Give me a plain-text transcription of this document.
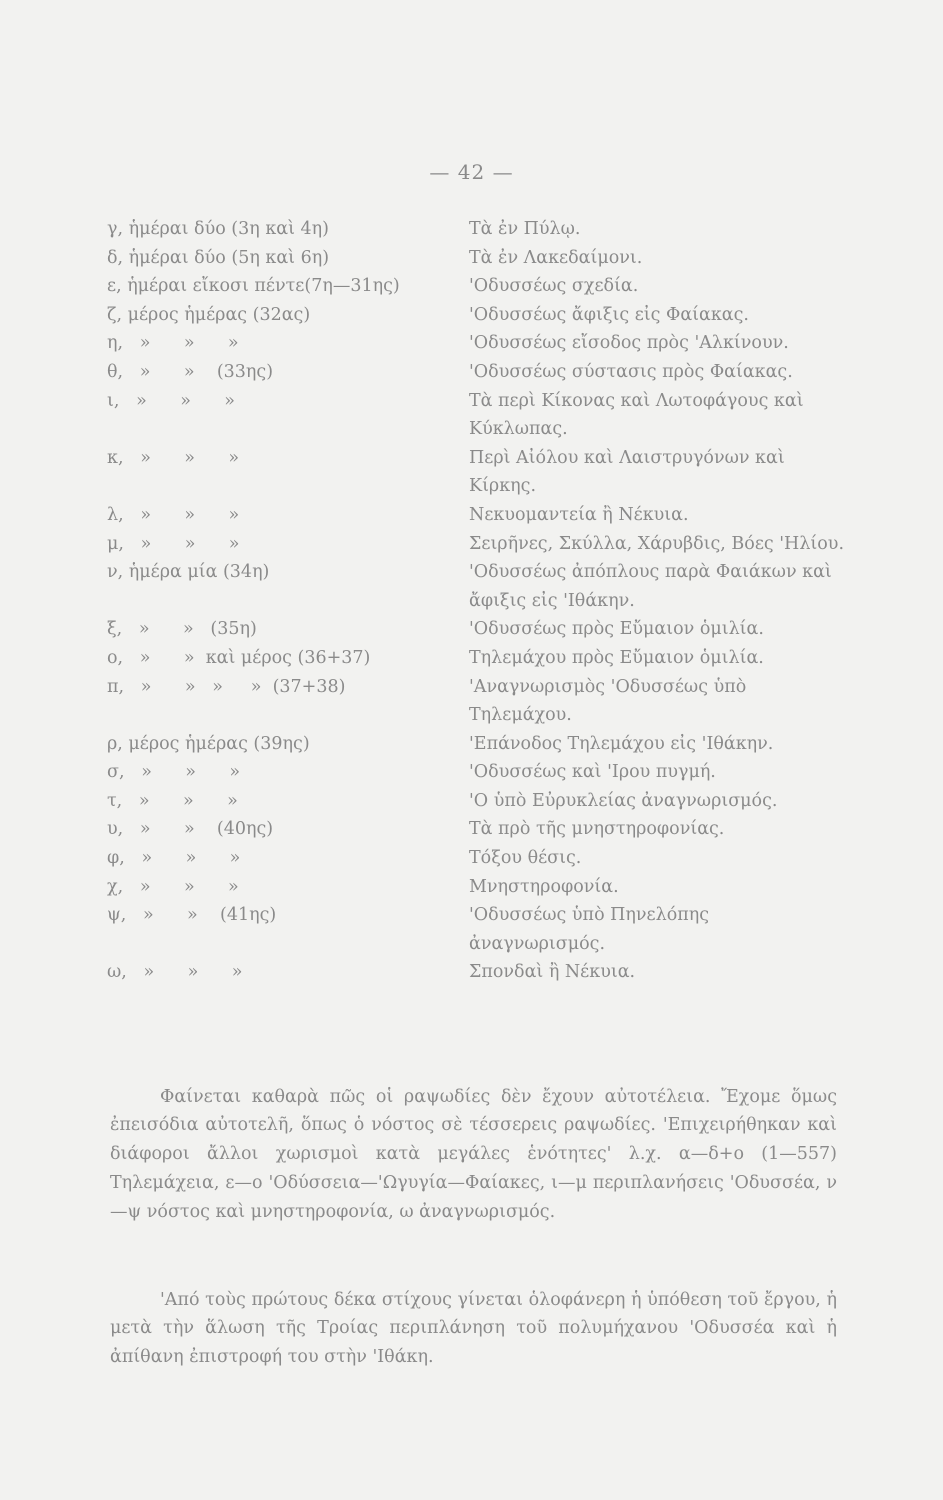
— 42 —
γ, ἡμέραι δύο (3η καὶ 4η)	Τὰ ἐν Πύλῳ.
δ, ἡμέραι δύο (5η καὶ 6η)	Τὰ ἐν Λακεδαίμονι.
ε, ἡμέραι εἴκοσι πέντε(7η—31ης)	'Οδυσσέως σχεδία.
ζ, μέρος ἡμέρας (32ας)	'Οδυσσέως ἄφιξις εἰς Φαίακας.
η,   »      »      »	'Οδυσσέως εἴσοδος πρὸς 'Αλκίνουν.
θ,   »      »    (33ης)	'Οδυσσέως σύστασις πρὸς Φαίακας.
ι,   »      »      »	Τὰ περὶ Κίκονας καὶ Λωτοφάγους καὶ Κύκλωπας.
κ,   »      »      »	Περὶ Αἰόλου καὶ Λαιστρυγόνων καὶ Κίρκης.
λ,   »      »      »	Νεκυομαντεία ἢ Νέκυια.
μ,   »      »      »	Σειρῆνες, Σκύλλα, Χάρυβδις, Βόες 'Ηλίου.
ν, ἡμέρα μία (34η)	'Οδυσσέως ἀπόπλους παρὰ Φαιάκων καὶ ἄφιξις εἰς 'Ιθάκην.
ξ,   »      »   (35η)	'Οδυσσέως πρὸς Εὔμαιον ὁμιλία.
ο,   »      »  καὶ μέρος (36+37)	Τηλεμάχου πρὸς Εὔμαιον ὁμιλία.
π,   »      »   »     »  (37+38)	'Αναγνωρισμὸς 'Οδυσσέως ὑπὸ Τηλεμάχου.
ρ, μέρος ἡμέρας (39ης)	'Επάνοδος Τηλεμάχου εἰς 'Ιθάκην.
σ,   »      »      »	'Οδυσσέως καὶ 'Ιρου πυγμή.
τ,   »      »      »	'Ο ὑπὸ Εὐρυκλείας ἀναγνωρισμός.
υ,   »      »    (40ης)	Τὰ πρὸ τῆς μνηστηροφονίας.
φ,   »      »      »	Τόξου θέσις.
χ,   »      »      »	Μνηστηροφονία.
ψ,   »      »    (41ης)	'Οδυσσέως ὑπὸ Πηνελόπης ἀναγνωρισμός.
ω,   »      »      »	Σπονδαὶ ἢ Νέκυια.

Φαίνεται καθαρὰ πῶς οἱ ραψωδίες δὲν ἔχουν αὐτοτέλεια. Ἔχομε ὅμως ἐπεισόδια αὐτοτελῆ, ὅπως ὁ νόστος σὲ τέσσερεις ραψωδίες. 'Επιχειρήθηκαν καὶ διάφοροι ἄλλοι χωρισμοὶ κατὰ μεγάλες ἑνότητες' λ.χ. α—δ+ο (1—557) Τηλεμάχεια, ε—ο 'Οδύσσεια—'Ωγυγία—Φαίακες, ι—μ περιπλανήσεις 'Οδυσσέα, ν—ψ νόστος καὶ μνηστηροφονία, ω ἀναγνωρισμός.

'Από τοὺς πρώτους δέκα στίχους γίνεται ὁλοφάνερη ἡ ὑπόθεση τοῦ ἔργου, ἡ μετὰ τὴν ἅλωση τῆς Τροίας περιπλάνηση τοῦ πολυμήχανου 'Οδυσσέα καὶ ἡ ἀπίθανη ἐπιστροφή του στὴν 'Ιθάκη.
